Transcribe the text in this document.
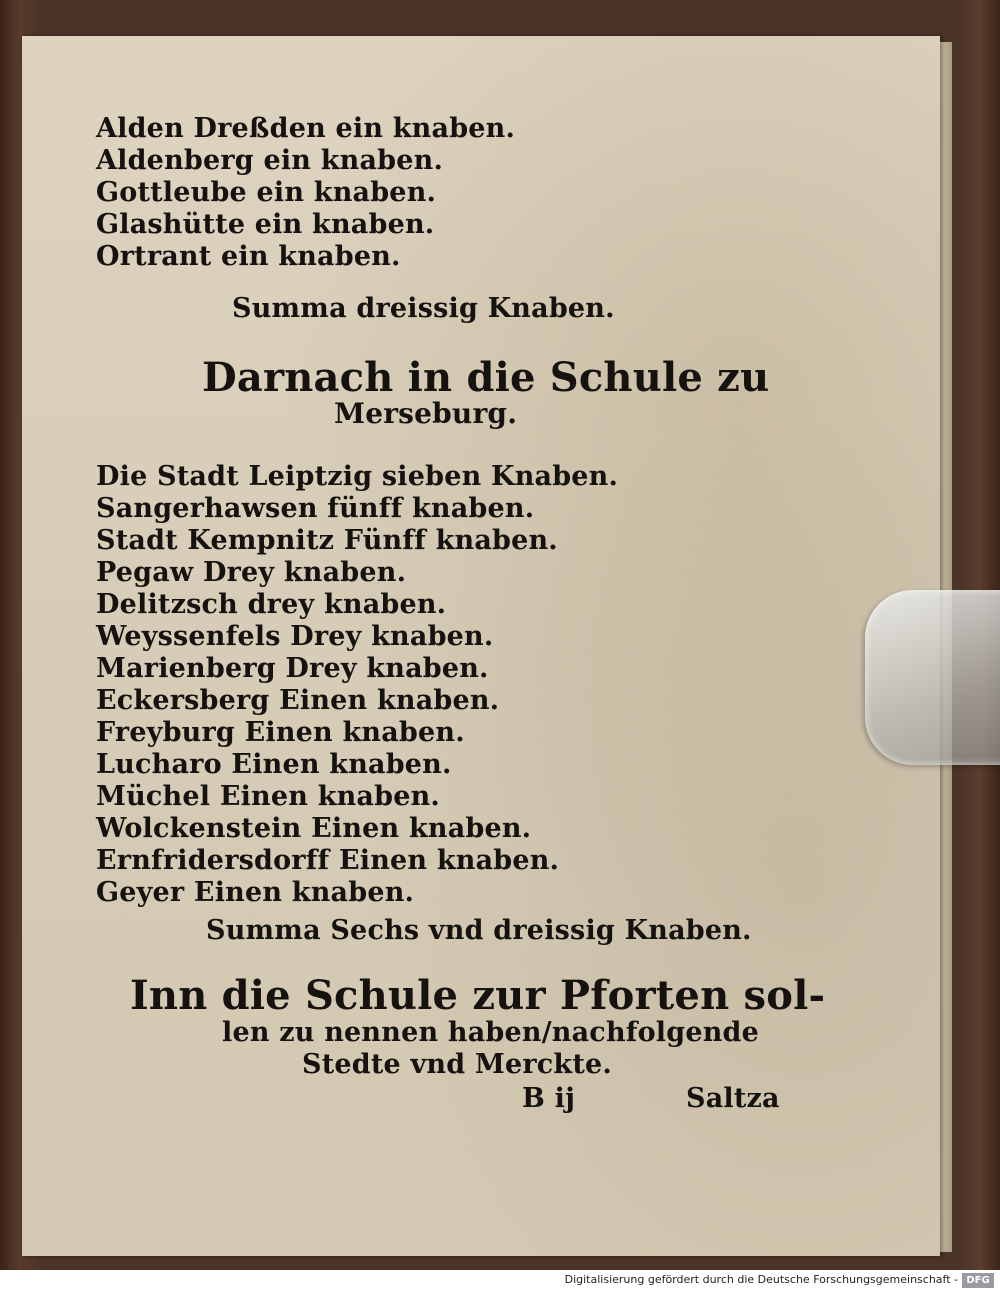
Alden Dreßden ein knaben.
Aldenberg ein knaben.
Gottleube ein knaben.
Glashütte ein knaben.
Ortrant ein knaben.
Summa dreissig Knaben.
Darnach in die Schule zu
Merseburg.
Die Stadt Leiptzig sieben Knaben.
Sangerhawsen fünff knaben.
Stadt Kempnitz Fünff knaben.
Pegaw Drey knaben.
Delitzsch drey knaben.
Weyssenfels Drey knaben.
Marienberg Drey knaben.
Eckersberg Einen knaben.
Freyburg Einen knaben.
Lucharo Einen knaben.
Müchel Einen knaben.
Wolckenstein Einen knaben.
Ernfridersdorff Einen knaben.
Geyer Einen knaben.
Summa Sechs vnd dreissig Knaben.
Inn die Schule zur Pforten sol-
len zu nennen haben/nachfolgende
Stedte vnd Merckte.
B ij	Saltza
Digitalisierung gefördert durch die Deutsche Forschungsgemeinschaft - DFG
